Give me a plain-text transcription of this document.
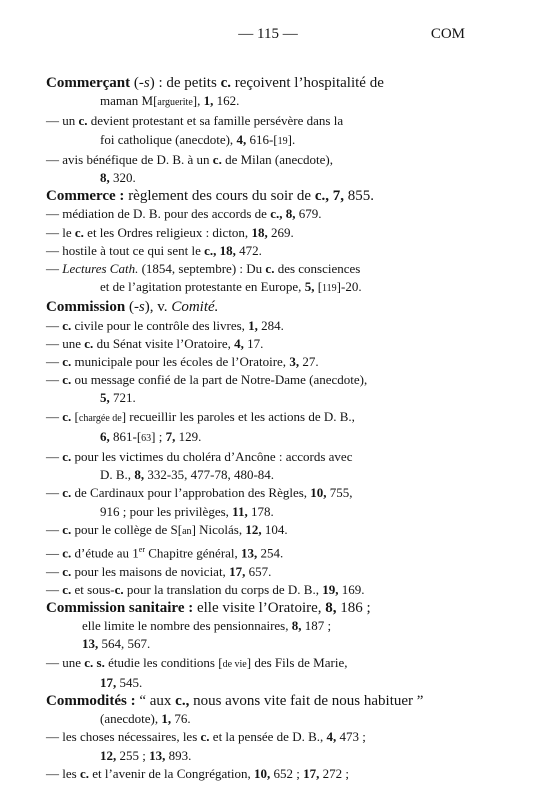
— 115 —	COM
Commerçant (-s) : de petits c. reçoivent l’hospitalité de
maman M[arguerite], 1, 162.
— un c. devient protestant et sa famille persévère dans la
foi catholique (anecdote), 4, 616-[19].
— avis bénéfique de D. B. à un c. de Milan (anecdote),
8, 320.
Commerce : règlement des cours du soir de c., 7, 855.
— médiation de D. B. pour des accords de c., 8, 679.
— le c. et les Ordres religieux : dicton, 18, 269.
— hostile à tout ce qui sent le c., 18, 472.
— Lectures Cath. (1854, septembre) : Du c. des consciences
et de l’agitation protestante en Europe, 5, [119]-20.
Commission (-s), v. Comité.
— c. civile pour le contrôle des livres, 1, 284.
— une c. du Sénat visite l’Oratoire, 4, 17.
— c. municipale pour les écoles de l’Oratoire, 3, 27.
— c. ou message confié de la part de Notre-Dame (anecdote),
5, 721.
— c. [chargée de] recueillir les paroles et les actions de D. B.,
6, 861-[63] ; 7, 129.
— c. pour les victimes du choléra d’Ancône : accords avec
D. B., 8, 332-35, 477-78, 480-84.
— c. de Cardinaux pour l’approbation des Règles, 10, 755,
916 ; pour les privilèges, 11, 178.
— c. pour le collège de S[an] Nicolás, 12, 104.
— c. d’étude au 1er Chapitre général, 13, 254.
— c. pour les maisons de noviciat, 17, 657.
— c. et sous-c. pour la translation du corps de D. B., 19, 169.
Commission sanitaire : elle visite l’Oratoire, 8, 186 ;
elle limite le nombre des pensionnaires, 8, 187 ;
13, 564, 567.
— une c. s. étudie les conditions [de vie] des Fils de Marie,
17, 545.
Commodités : “ aux c., nous avons vite fait de nous habituer ”
(anecdote), 1, 76.
— les choses nécessaires, les c. et la pensée de D. B., 4, 473 ;
12, 255 ; 13, 893.
— les c. et l’avenir de la Congrégation, 10, 652 ; 17, 272 ;
